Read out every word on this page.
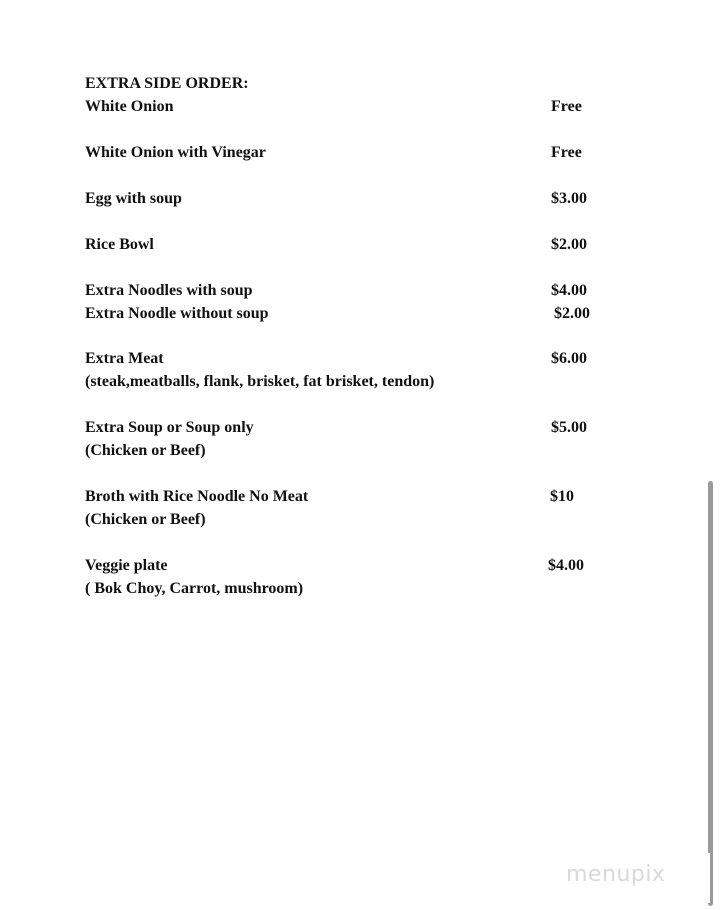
EXTRA SIDE ORDER:
White Onion	Free
White Onion with Vinegar	Free
Egg with soup	$3.00
Rice Bowl	$2.00
Extra Noodles with soup	$4.00
Extra Noodle without soup	$2.00
Extra Meat	$6.00
(steak,meatballs, flank, brisket, fat brisket, tendon)
Extra Soup or Soup only	$5.00
(Chicken or Beef)
Broth with Rice Noodle No Meat	$10
(Chicken or Beef)
Veggie plate	$4.00
( Bok Choy, Carrot, mushroom)
menupix
